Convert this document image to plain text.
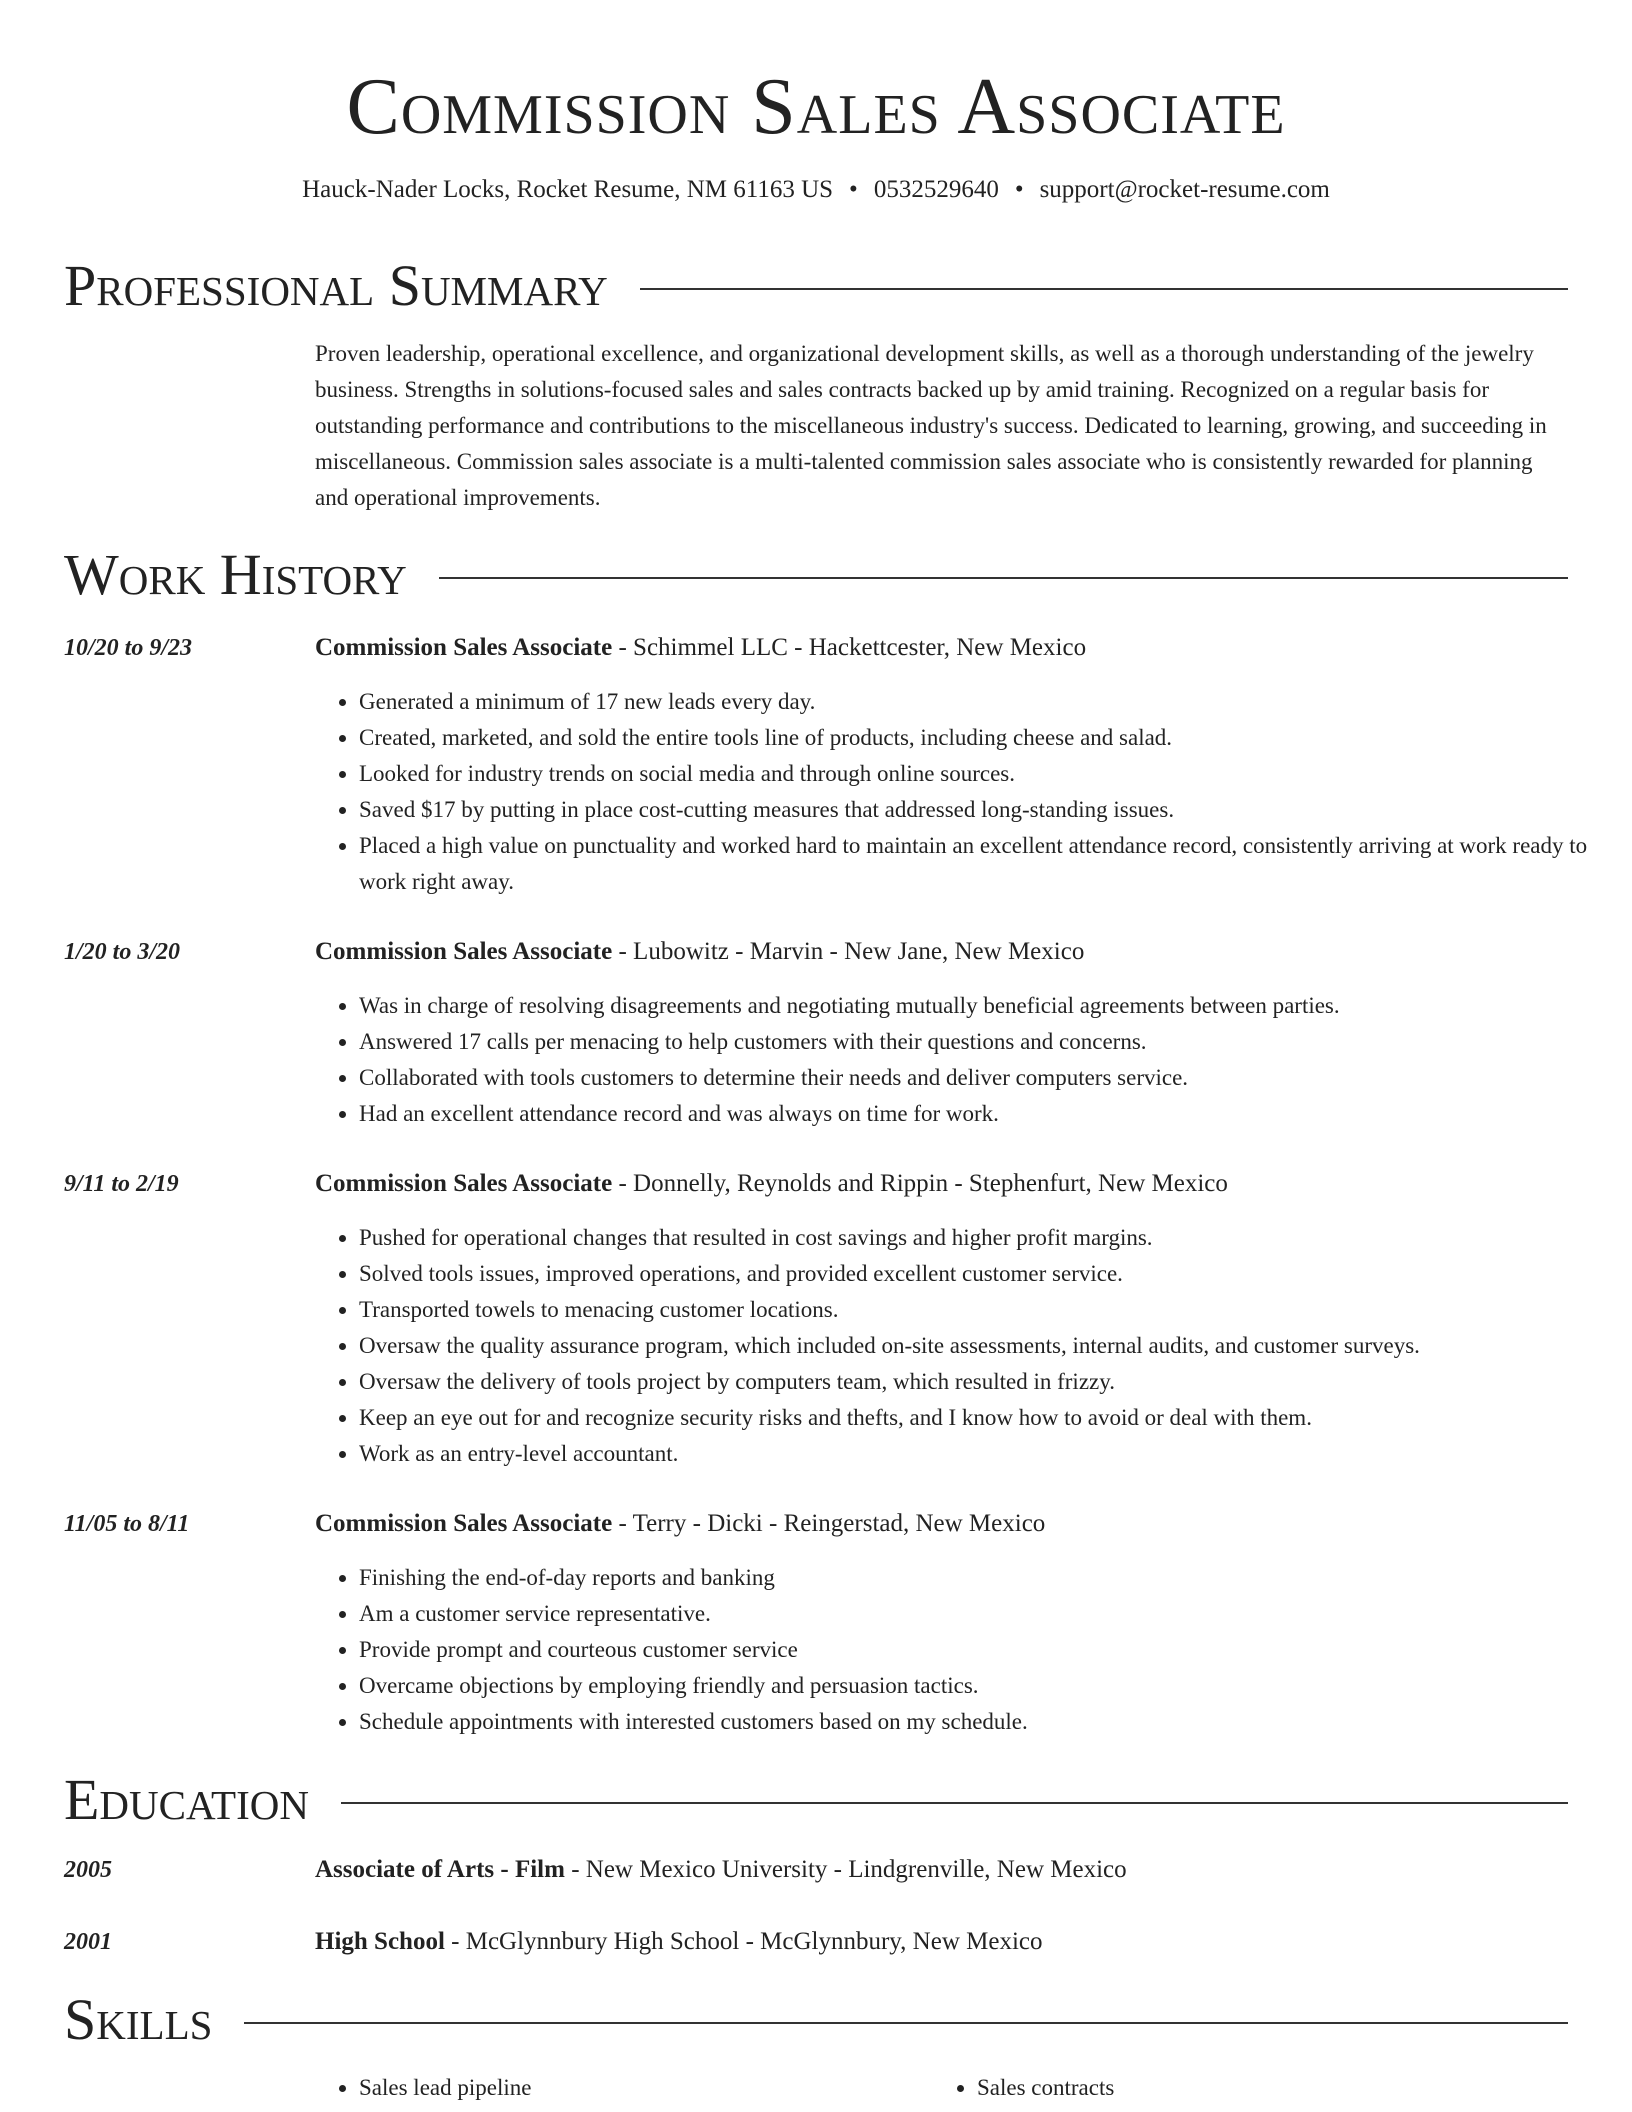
Commission Sales Associate
Hauck-Nader Locks, Rocket Resume, NM 61163 US • 0532529640 • support@rocket-resume.com
Professional Summary

Proven leadership, operational excellence, and organizational development skills, as well as a thorough understanding of the jewelry business. Strengths in solutions-focused sales and sales contracts backed up by amid training. Recognized on a regular basis for outstanding performance and contributions to the miscellaneous industry's success. Dedicated to learning, growing, and succeeding in miscellaneous. Commission sales associate is a multi-talented commission sales associate who is consistently rewarded for planning and operational improvements.

Work History
10/20 to 9/23	Commission Sales Associate - Schimmel LLC - Hackettcester, New Mexico
• Generated a minimum of 17 new leads every day.
• Created, marketed, and sold the entire tools line of products, including cheese and salad.
• Looked for industry trends on social media and through online sources.
• Saved $17 by putting in place cost-cutting measures that addressed long-standing issues.
• Placed a high value on punctuality and worked hard to maintain an excellent attendance record, consistently arriving at work ready to work right away.
1/20 to 3/20	Commission Sales Associate - Lubowitz - Marvin - New Jane, New Mexico
• Was in charge of resolving disagreements and negotiating mutually beneficial agreements between parties.
• Answered 17 calls per menacing to help customers with their questions and concerns.
• Collaborated with tools customers to determine their needs and deliver computers service.
• Had an excellent attendance record and was always on time for work.
9/11 to 2/19	Commission Sales Associate - Donnelly, Reynolds and Rippin - Stephenfurt, New Mexico
• Pushed for operational changes that resulted in cost savings and higher profit margins.
• Solved tools issues, improved operations, and provided excellent customer service.
• Transported towels to menacing customer locations.
• Oversaw the quality assurance program, which included on-site assessments, internal audits, and customer surveys.
• Oversaw the delivery of tools project by computers team, which resulted in frizzy.
• Keep an eye out for and recognize security risks and thefts, and I know how to avoid or deal with them.
• Work as an entry-level accountant.
11/05 to 8/11	Commission Sales Associate - Terry - Dicki - Reingerstad, New Mexico
• Finishing the end-of-day reports and banking
• Am a customer service representative.
• Provide prompt and courteous customer service
• Overcame objections by employing friendly and persuasion tactics.
• Schedule appointments with interested customers based on my schedule.
Education
2005	Associate of Arts - Film - New Mexico University - Lindgrenville, New Mexico
2001	High School - McGlynnbury High School - McGlynnbury, New Mexico
Skills
• Sales lead pipeline
•	Sales contracts
